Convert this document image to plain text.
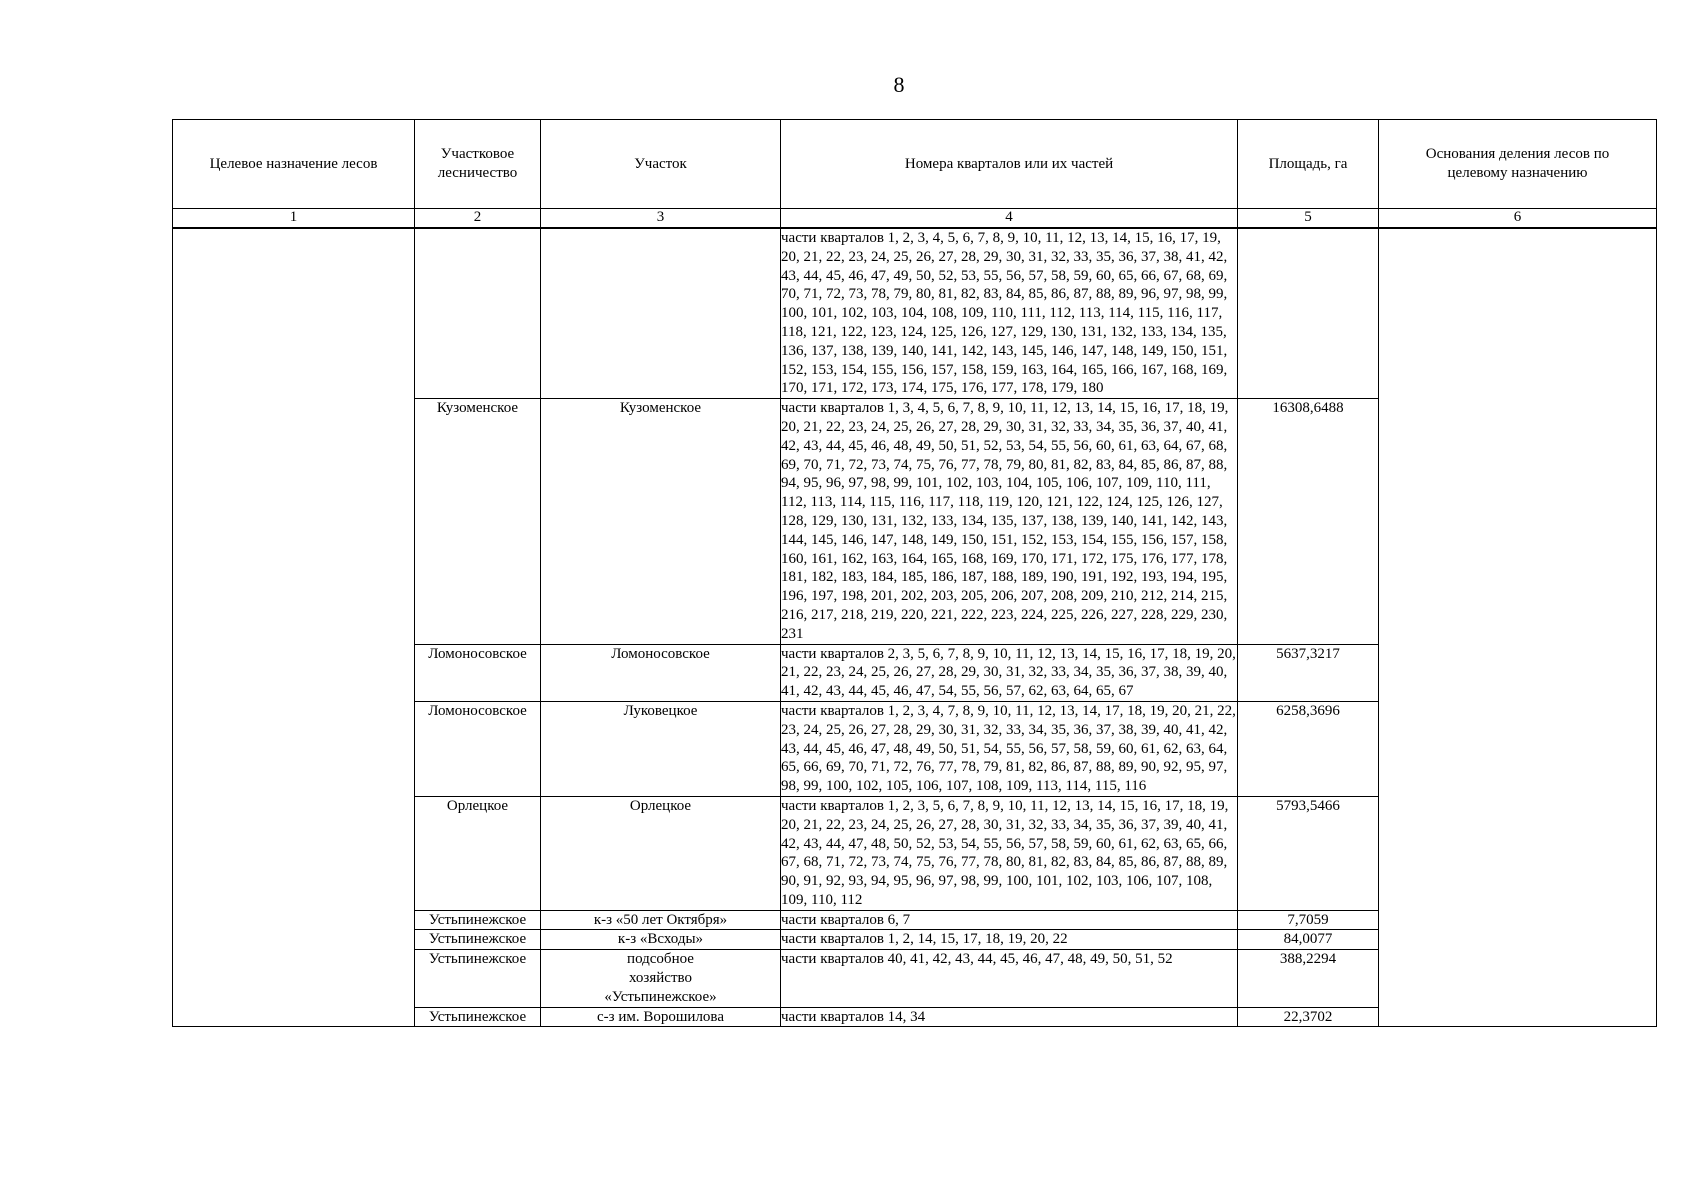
8
Целевое назначение лесов	Участковое лесничество	Участок	Номера кварталов или их частей	Площадь, га	Основания деления лесов по целевому назначению
1	2	3	4	5	6
			части кварталов 1, 2, 3, 4, 5, 6, 7, 8, 9, 10, 11, 12, 13, 14, 15, 16, 17, 19, 20, 21, 22, 23, 24, 25, 26, 27, 28, 29, 30, 31, 32, 33, 35, 36, 37, 38, 41, 42, 43, 44, 45, 46, 47, 49, 50, 52, 53, 55, 56, 57, 58, 59, 60, 65, 66, 67, 68, 69, 70, 71, 72, 73, 78, 79, 80, 81, 82, 83, 84, 85, 86, 87, 88, 89, 96, 97, 98, 99, 100, 101, 102, 103, 104, 108, 109, 110, 111, 112, 113, 114, 115, 116, 117, 118, 121, 122, 123, 124, 125, 126, 127, 129, 130, 131, 132, 133, 134, 135, 136, 137, 138, 139, 140, 141, 142, 143, 145, 146, 147, 148, 149, 150, 151, 152, 153, 154, 155, 156, 157, 158, 159, 163, 164, 165, 166, 167, 168, 169, 170, 171, 172, 173, 174, 175, 176, 177, 178, 179, 180		
	Кузоменское	Кузоменское	части кварталов 1, 3, 4, 5, 6, 7, 8, 9, 10, 11, 12, 13, 14, 15, 16, 17, 18, 19, 20, 21, 22, 23, 24, 25, 26, 27, 28, 29, 30, 31, 32, 33, 34, 35, 36, 37, 40, 41, 42, 43, 44, 45, 46, 48, 49, 50, 51, 52, 53, 54, 55, 56, 60, 61, 63, 64, 67, 68, 69, 70, 71, 72, 73, 74, 75, 76, 77, 78, 79, 80, 81, 82, 83, 84, 85, 86, 87, 88, 94, 95, 96, 97, 98, 99, 101, 102, 103, 104, 105, 106, 107, 109, 110, 111, 112, 113, 114, 115, 116, 117, 118, 119, 120, 121, 122, 124, 125, 126, 127, 128, 129, 130, 131, 132, 133, 134, 135, 137, 138, 139, 140, 141, 142, 143, 144, 145, 146, 147, 148, 149, 150, 151, 152, 153, 154, 155, 156, 157, 158, 160, 161, 162, 163, 164, 165, 168, 169, 170, 171, 172, 175, 176, 177, 178, 181, 182, 183, 184, 185, 186, 187, 188, 189, 190, 191, 192, 193, 194, 195, 196, 197, 198, 201, 202, 203, 205, 206, 207, 208, 209, 210, 212, 214, 215, 216, 217, 218, 219, 220, 221, 222, 223, 224, 225, 226, 227, 228, 229, 230, 231	16308,6488	
	Ломоносовское	Ломоносовское	части кварталов 2, 3, 5, 6, 7, 8, 9, 10, 11, 12, 13, 14, 15, 16, 17, 18, 19, 20, 21, 22, 23, 24, 25, 26, 27, 28, 29, 30, 31, 32, 33, 34, 35, 36, 37, 38, 39, 40, 41, 42, 43, 44, 45, 46, 47, 54, 55, 56, 57, 62, 63, 64, 65, 67	5637,3217	
	Ломоносовское	Луковецкое	части кварталов 1, 2, 3, 4, 7, 8, 9, 10, 11, 12, 13, 14, 17, 18, 19, 20, 21, 22, 23, 24, 25, 26, 27, 28, 29, 30, 31, 32, 33, 34, 35, 36, 37, 38, 39, 40, 41, 42, 43, 44, 45, 46, 47, 48, 49, 50, 51, 54, 55, 56, 57, 58, 59, 60, 61, 62, 63, 64, 65, 66, 69, 70, 71, 72, 76, 77, 78, 79, 81, 82, 86, 87, 88, 89, 90, 92, 95, 97, 98, 99, 100, 102, 105, 106, 107, 108, 109, 113, 114, 115, 116	6258,3696	
	Орлецкое	Орлецкое	части кварталов 1, 2, 3, 5, 6, 7, 8, 9, 10, 11, 12, 13, 14, 15, 16, 17, 18, 19, 20, 21, 22, 23, 24, 25, 26, 27, 28, 30, 31, 32, 33, 34, 35, 36, 37, 39, 40, 41, 42, 43, 44, 47, 48, 50, 52, 53, 54, 55, 56, 57, 58, 59, 60, 61, 62, 63, 65, 66, 67, 68, 71, 72, 73, 74, 75, 76, 77, 78, 80, 81, 82, 83, 84, 85, 86, 87, 88, 89, 90, 91, 92, 93, 94, 95, 96, 97, 98, 99, 100, 101, 102, 103, 106, 107, 108, 109, 110, 112	5793,5466	
	Устьпинежское	к-з «50 лет Октября»	части кварталов 6, 7	7,7059	
	Устьпинежское	к-з «Всходы»	части кварталов 1, 2, 14, 15, 17, 18, 19, 20, 22	84,0077	
	Устьпинежское	подсобное хозяйство «Устьпинежское»	части кварталов 40, 41, 42, 43, 44, 45, 46, 47, 48, 49, 50, 51, 52	388,2294	
	Устьпинежское	с-з им. Ворошилова	части кварталов 14, 34	22,3702	
